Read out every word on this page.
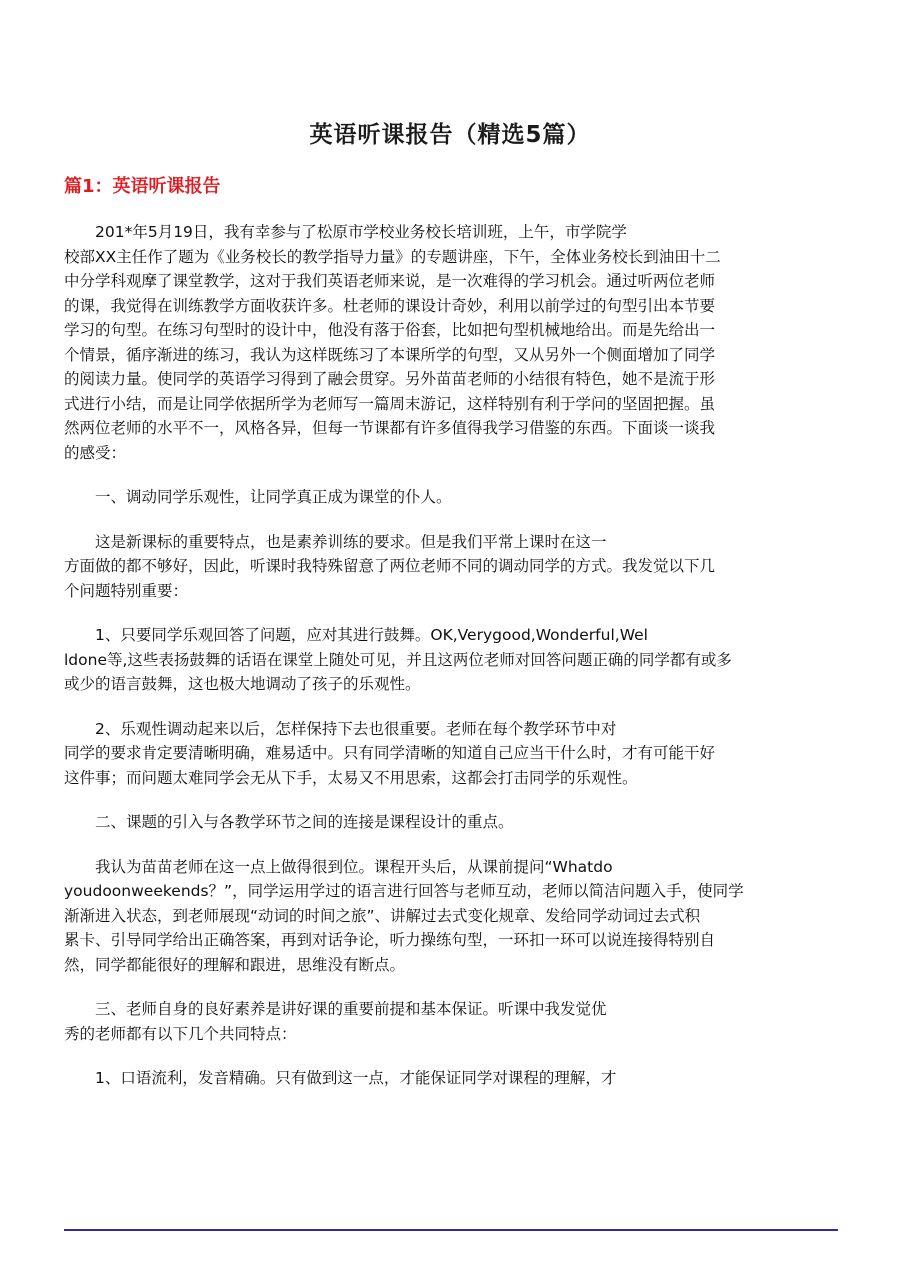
英语听课报告（精选5篇）
篇1：英语听课报告

　　201*年5月19日，我有幸参与了松原市学校业务校长培训班，上午，市学院学
校部XX主任作了题为《业务校长的教学指导力量》的专题讲座，下午，全体业务校长到油田十二
中分学科观摩了课堂教学，这对于我们英语老师来说，是一次难得的学习机会。通过听两位老师
的课，我觉得在训练教学方面收获许多。杜老师的课设计奇妙，利用以前学过的句型引出本节要
学习的句型。在练习句型时的设计中，他没有落于俗套，比如把句型机械地给出。而是先给出一
个情景，循序渐进的练习，我认为这样既练习了本课所学的句型，又从另外一个侧面增加了同学
的阅读力量。使同学的英语学习得到了融会贯穿。另外苗苗老师的小结很有特色，她不是流于形
式进行小结，而是让同学依据所学为老师写一篇周末游记，这样特别有利于学问的坚固把握。虽
然两位老师的水平不一，风格各异，但每一节课都有许多值得我学习借鉴的东西。下面谈一谈我
的感受：

　　一、调动同学乐观性，让同学真正成为课堂的仆人。

　　这是新课标的重要特点，也是素养训练的要求。但是我们平常上课时在这一
方面做的都不够好，因此，听课时我特殊留意了两位老师不同的调动同学的方式。我发觉以下几
个问题特别重要：

　　1、只要同学乐观回答了问题，应对其进行鼓舞。OK,Verygood,Wonderful,Wel
ldone等,这些表扬鼓舞的话语在课堂上随处可见，并且这两位老师对回答问题正确的同学都有或多
或少的语言鼓舞，这也极大地调动了孩子的乐观性。

　　2、乐观性调动起来以后，怎样保持下去也很重要。老师在每个教学环节中对
同学的要求肯定要清晰明确，难易适中。只有同学清晰的知道自己应当干什么时，才有可能干好
这件事；而问题太难同学会无从下手，太易又不用思索，这都会打击同学的乐观性。

　　二、课题的引入与各教学环节之间的连接是课程设计的重点。

　　我认为苗苗老师在这一点上做得很到位。课程开头后，从课前提问“Whatdo
youdoonweekends？”，同学运用学过的语言进行回答与老师互动，老师以简洁问题入手，使同学
渐渐进入状态，到老师展现“动词的时间之旅”、讲解过去式变化规章、发给同学动词过去式积
累卡、引导同学给出正确答案，再到对话争论，听力操练句型，一环扣一环可以说连接得特别自
然，同学都能很好的理解和跟进，思维没有断点。

　　三、老师自身的良好素养是讲好课的重要前提和基本保证。听课中我发觉优
秀的老师都有以下几个共同特点：

　　1、口语流利，发音精确。只有做到这一点，才能保证同学对课程的理解，才
